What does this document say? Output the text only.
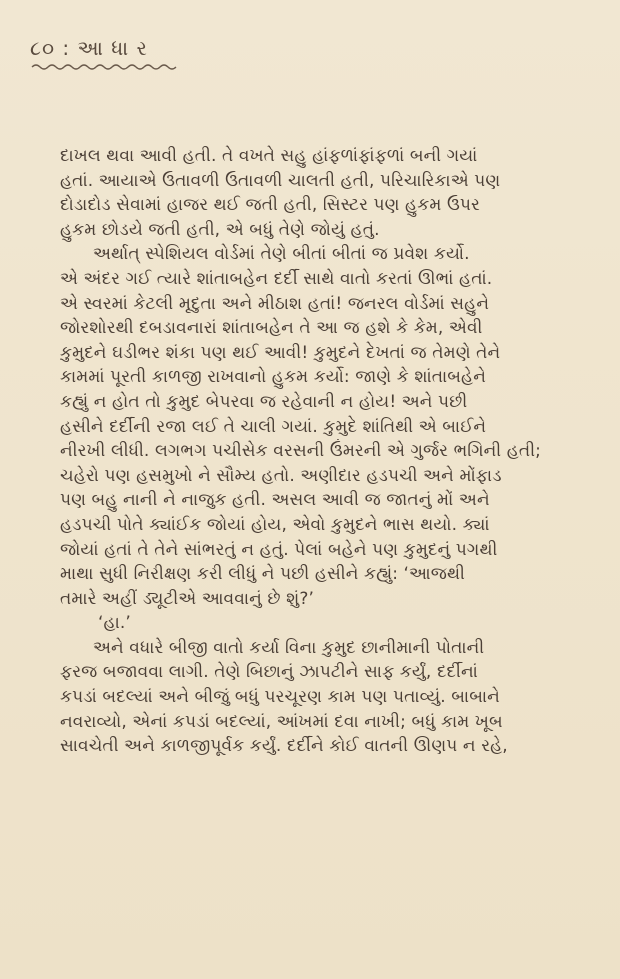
૮૦ : આ ધા ર
દાખલ થવા આવી હતી. તે વખતે સહુ હાંફળાંફાંફળાં બની ગયાં
હતાં. આયાએ ઉતાવળી ઉતાવળી ચાલતી હતી, પરિચારિકાએ પણ
દોડાદોડ સેવામાં હાજર થઈ જતી હતી, સિસ્ટર પણ હુકમ ઉપર
હુકમ છોડયે જતી હતી, એ બધું તેણે જોયું હતું.
અર્થાત્ સ્પેશિયલ વોર્ડમાં તેણે બીતાં બીતાં જ પ્રવેશ કર્યો.
એ અંદર ગઈ ત્યારે શાંતાબહેન દર્દી સાથે વાતો કરતાં ઊભાં હતાં.
એ સ્વરમાં કેટલી મૃદુતા અને મીઠાશ હતાં! જનરલ વોર્ડમાં સહુને
જોરશોરથી દબડાવનારાં શાંતાબહેન તે આ જ હશે કે કેમ, એવી
કુમુદને ઘડીભર શંકા પણ થઈ આવી! કુમુદને દેખતાં જ તેમણે તેને
કામમાં પૂરતી કાળજી રાખવાનો હુકમ કર્યો: જાણે કે શાંતાબહેને
કહ્યું ન હોત તો કુમુદ બેપરવા જ રહેવાની ન હોય! અને પછી
હસીને દર્દીની રજા લઈ તે ચાલી ગયાં. કુમુદે શાંતિથી એ બાઈને
નીરખી લીધી. લગભગ પચીસેક વરસની ઉંમરની એ ગુર્જર ભગિની હતી;
ચહેરો પણ હસમુખો ને સૌમ્ય હતો. અણીદાર હડપચી અને મોંફાડ
પણ બહુ નાની ને નાજુક હતી. અસલ આવી જ જાતનું મોં અને
હડપચી પોતે ક્યાંઈક જોયાં હોય, એવો કુમુદને ભાસ થયો. ક્યાં
જોયાં હતાં તે તેને સાંભરતું ન હતું. પેલાં બહેને પણ કુમુદનું પગથી
માથા સુધી નિરીક્ષણ કરી લીધું ને પછી હસીને કહ્યું: ‘આજથી
તમારે અહીં ડ્યૂટીએ આવવાનું છે શું?’
‘હા.’
અને વધારે બીજી વાતો કર્યા વિના કુમુદ છાનીમાની પોતાની
ફરજ બજાવવા લાગી. તેણે બિછાનું ઝાપટીને સાફ કર્યું, દર્દીનાં
કપડાં બદલ્યાં અને બીજું બધું પરચૂરણ કામ પણ પતાવ્યું. બાબાને
નવરાવ્યો, એનાં કપડાં બદલ્યાં, આંખમાં દવા નાખી; બધું કામ ખૂબ
સાવચેતી અને કાળજીપૂર્વક કર્યું. દર્દીને કોઈ વાતની ઊણપ ન રહે,
